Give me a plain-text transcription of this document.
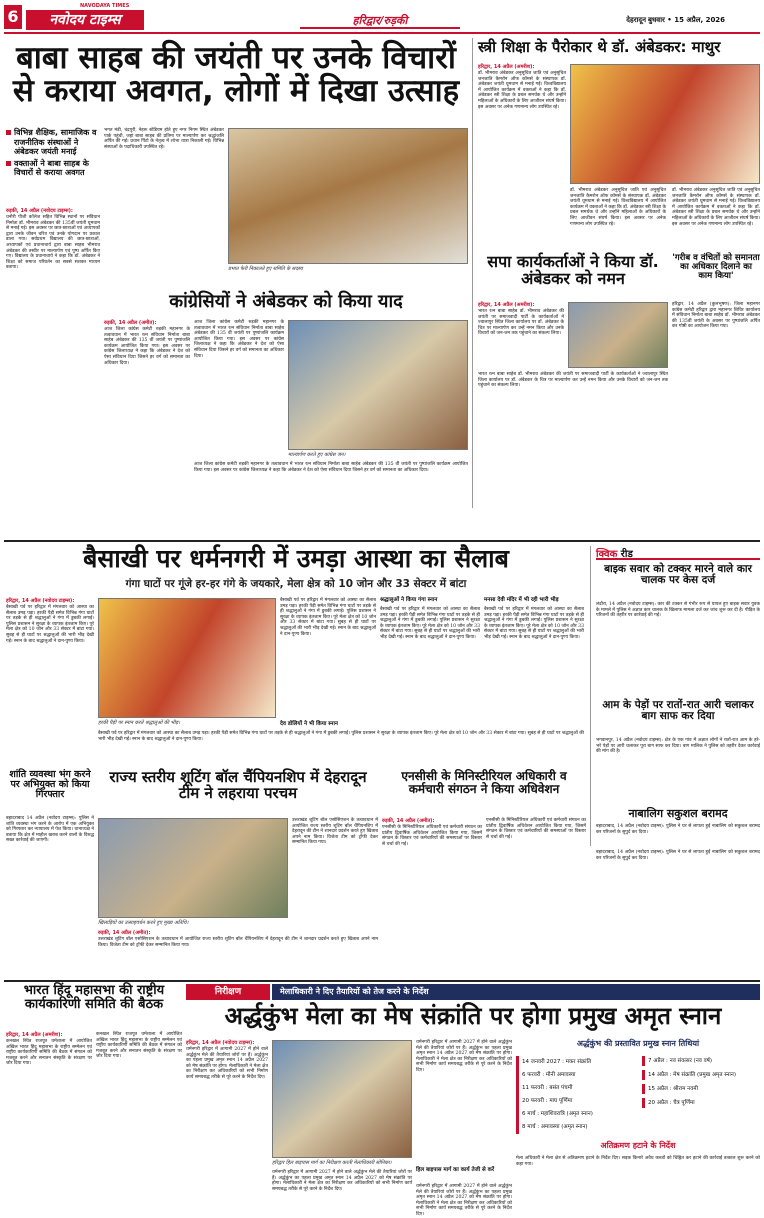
6
NAVODAYA TIMES
नवोदय टाइम्स	हरिद्वार/रुड़की	देहरादून बुधवार • 15 अप्रैल, 2026
बाबा साहब की जयंती पर उनके विचारों से कराया अवगत, लोगों में दिखा उत्साह
विभिन्न शैक्षिक, सामाजिक व राजनीतिक संस्थाओं ने अंबेडकर जयंती मनाई
वक्ताओं ने बाबा साहब के विचारों से कराया अवगत
रुड़की, 14 अप्रैल (नवोदय टाइम्स):
धनौरी पीजी कॉलेज सहित विभिन्न स्थानों पर संविधान निर्माता डॉ. भीमराव अंबेडकर की 135वीं जयंती धूमधाम से मनाई गई। इस अवसर पर छात्र-छात्राओं एवं अध्यापकों द्वारा उनके जीवन चरित्र एवं उनके योगदान पर प्रकाश डाला गया। सर्वप्रथम विद्यालय की छात्र-छात्राओं, अध्यापकों एवं प्रधानाचार्य द्वारा बाबा साहब भीमराव अंबेडकर की तस्वीर पर माल्यार्पण एवं पुष्प अर्पित किए गए। विद्यालय के प्रधानाचार्य ने कहा कि डॉ. अंबेडकर ने शिक्षा को समाज परिवर्तन का सबसे सशक्त माध्यम बताया।
भगत मंडी, चंद्रपुरी, नेहरू स्टेडियम होते हुए नगर निगम स्थित अंबेडकर पार्क पहुंची, जहां बाबा साहब की प्रतिमा पर माल्यार्पण कर श्रद्धांजलि अर्पित की गई। प्रधान पिंटो के नेतृत्व में शोभा यात्रा निकाली गई। विभिन्न संस्थाओं के पदाधिकारी उपस्थित रहे।
प्रभात फेरी निकालते हुए समिति के सदस्य
स्त्री शिक्षा के पैरोकार थे डॉ. अंबेडकर: माथुर
हरिद्वार, 14 अप्रैल (अमरीश):
डॉ. भीमराव अंबेडकर अनुसूचित जाति एवं अनुसूचित जनजाति कैमरोन ऑफ कॉमर्स के संस्थापक डॉ. अंबेडकर जयंती धूमधाम से मनाई गई। विश्वविद्यालय में आयोजित कार्यक्रम में वक्ताओं ने कहा कि डॉ. अंबेडकर स्त्री शिक्षा के प्रबल समर्थक थे और उन्होंने महिलाओं के अधिकारों के लिए आजीवन संघर्ष किया। इस अवसर पर अनेक गणमान्य लोग उपस्थित रहे।
डॉ. भीमराव अंबेडकर अनुसूचित जाति एवं अनुसूचित जनजाति कैमरोन ऑफ कॉमर्स के संस्थापक डॉ. अंबेडकर जयंती धूमधाम से मनाई गई। विश्वविद्यालय में आयोजित कार्यक्रम में वक्ताओं ने कहा कि डॉ. अंबेडकर स्त्री शिक्षा के प्रबल समर्थक थे और उन्होंने महिलाओं के अधिकारों के लिए आजीवन संघर्ष किया। इस अवसर पर अनेक गणमान्य लोग उपस्थित रहे।
डॉ. भीमराव अंबेडकर अनुसूचित जाति एवं अनुसूचित जनजाति कैमरोन ऑफ कॉमर्स के संस्थापक डॉ. अंबेडकर जयंती धूमधाम से मनाई गई। विश्वविद्यालय में आयोजित कार्यक्रम में वक्ताओं ने कहा कि डॉ. अंबेडकर स्त्री शिक्षा के प्रबल समर्थक थे और उन्होंने महिलाओं के अधिकारों के लिए आजीवन संघर्ष किया। इस अवसर पर अनेक गणमान्य लोग उपस्थित रहे।
'गरीब व वंचितों को समानता का अधिकार दिलाने का काम किया'
हरिद्वार, 14 अप्रैल (कुलभूषण): जिला महानगर कांग्रेस कमेटी हरिद्वार द्वारा महानगर शिविर कार्यालय में संविधान निर्माता बाबा साहेब डॉ. भीमराव अंबेडकर की 135वीं जयंती के अवसर पर पुष्पांजलि अर्पित कर गोष्ठी का आयोजन किया गया।
कांग्रेसियों ने अंबेडकर को किया याद
रुड़की, 14 अप्रैल (अमीत):
आज जिला कांग्रेस कमेटी रुड़की महानगर के तत्वावधान में भारत रत्न संविधान निर्माता बाबा साहेब अंबेडकर की 135 वीं जयंती पर पुष्पांजलि कार्यक्रम आयोजित किया गया। इस अवसर पर कांग्रेस जिलाध्यक्ष ने कहा कि अंबेडकर ने देश को ऐसा संविधान दिया जिसने हर वर्ग को समानता का अधिकार दिया।
आज जिला कांग्रेस कमेटी रुड़की महानगर के तत्वावधान में भारत रत्न संविधान निर्माता बाबा साहेब अंबेडकर की 135 वीं जयंती पर पुष्पांजलि कार्यक्रम आयोजित किया गया। इस अवसर पर कांग्रेस जिलाध्यक्ष ने कहा कि अंबेडकर ने देश को ऐसा संविधान दिया जिसने हर वर्ग को समानता का अधिकार दिया।
माल्यार्पण करते हुए कांग्रेस जन।
आज जिला कांग्रेस कमेटी रुड़की महानगर के तत्वावधान में भारत रत्न संविधान निर्माता बाबा साहेब अंबेडकर की 135 वीं जयंती पर पुष्पांजलि कार्यक्रम आयोजित किया गया। इस अवसर पर कांग्रेस जिलाध्यक्ष ने कहा कि अंबेडकर ने देश को ऐसा संविधान दिया जिसने हर वर्ग को समानता का अधिकार दिया।
सपा कार्यकर्ताओं ने किया डॉ. अंबेडकर को नमन
हरिद्वार, 14 अप्रैल (अमरीश):
भारत रत्न बाबा साहेब डॉ. भीमराव अंबेडकर की जयंती पर समाजवादी पार्टी के कार्यकर्ताओं ने ज्वालापुर स्थित जिला कार्यालय पर डॉ. अंबेडकर के चित्र पर माल्यार्पण कर उन्हें नमन किया और उनके विचारों को जन-जन तक पहुंचाने का संकल्प लिया।
भारत रत्न बाबा साहेब डॉ. भीमराव अंबेडकर की जयंती पर समाजवादी पार्टी के कार्यकर्ताओं ने ज्वालापुर स्थित जिला कार्यालय पर डॉ. अंबेडकर के चित्र पर माल्यार्पण कर उन्हें नमन किया और उनके विचारों को जन-जन तक पहुंचाने का संकल्प लिया।
बैसाखी पर धर्मनगरी में उमड़ा आस्था का सैलाब
गंगा घाटों पर गूंजे हर-हर गंगे के जयकारे, मेला क्षेत्र को 10 जोन और 33 सेक्टर में बांटा
हरिद्वार, 14 अप्रैल (नवोदय टाइम्स):
बैसाखी पर्व पर हरिद्वार में मंगलवार को आस्था का सैलाब उमड़ पड़ा। हरकी पैड़ी समेत विभिन्न गंगा घाटों पर तड़के से ही श्रद्धालुओं ने गंगा में डुबकी लगाई। पुलिस प्रशासन ने सुरक्षा के व्यापक इंतजाम किए। पूरे मेला क्षेत्र को 10 जोन और 33 सेक्टर में बांटा गया। सुबह से ही घाटों पर श्रद्धालुओं की भारी भीड़ देखी गई। स्नान के बाद श्रद्धालुओं ने दान-पुण्य किया।
हरकी पैड़ी पर स्नान करते श्रद्धालुओं की भीड़।
बैसाखी पर्व पर हरिद्वार में मंगलवार को आस्था का सैलाब उमड़ पड़ा। हरकी पैड़ी समेत विभिन्न गंगा घाटों पर तड़के से ही श्रद्धालुओं ने गंगा में डुबकी लगाई। पुलिस प्रशासन ने सुरक्षा के व्यापक इंतजाम किए। पूरे मेला क्षेत्र को 10 जोन और 33 सेक्टर में बांटा गया। सुबह से ही घाटों पर श्रद्धालुओं की भारी भीड़ देखी गई। स्नान के बाद श्रद्धालुओं ने दान-पुण्य किया।
श्रद्धालुओं ने किया गंगा स्नान
बैसाखी पर्व पर हरिद्वार में मंगलवार को आस्था का सैलाब उमड़ पड़ा। हरकी पैड़ी समेत विभिन्न गंगा घाटों पर तड़के से ही श्रद्धालुओं ने गंगा में डुबकी लगाई। पुलिस प्रशासन ने सुरक्षा के व्यापक इंतजाम किए। पूरे मेला क्षेत्र को 10 जोन और 33 सेक्टर में बांटा गया। सुबह से ही घाटों पर श्रद्धालुओं की भारी भीड़ देखी गई। स्नान के बाद श्रद्धालुओं ने दान-पुण्य किया।
मनसा देवी मंदिर में भी रही भारी भीड़
बैसाखी पर्व पर हरिद्वार में मंगलवार को आस्था का सैलाब उमड़ पड़ा। हरकी पैड़ी समेत विभिन्न गंगा घाटों पर तड़के से ही श्रद्धालुओं ने गंगा में डुबकी लगाई। पुलिस प्रशासन ने सुरक्षा के व्यापक इंतजाम किए। पूरे मेला क्षेत्र को 10 जोन और 33 सेक्टर में बांटा गया। सुबह से ही घाटों पर श्रद्धालुओं की भारी भीड़ देखी गई। स्नान के बाद श्रद्धालुओं ने दान-पुण्य किया।
देव डोलियों ने भी किया स्नान
बैसाखी पर्व पर हरिद्वार में मंगलवार को आस्था का सैलाब उमड़ पड़ा। हरकी पैड़ी समेत विभिन्न गंगा घाटों पर तड़के से ही श्रद्धालुओं ने गंगा में डुबकी लगाई। पुलिस प्रशासन ने सुरक्षा के व्यापक इंतजाम किए। पूरे मेला क्षेत्र को 10 जोन और 33 सेक्टर में बांटा गया। सुबह से ही घाटों पर श्रद्धालुओं की भारी भीड़ देखी गई। स्नान के बाद श्रद्धालुओं ने दान-पुण्य किया।
क्विक रीड
बाइक सवार को टक्कर मारने वाले कार चालक पर केस दर्ज
लंढौरा, 14 अप्रैल (नवोदय टाइम्स): कार की टक्कर से गंभीर रूप से घायल हुए बाइक सवार युवक के मामले में पुलिस ने अज्ञात कार चालक के खिलाफ मामला दर्ज कर जांच शुरू कर दी है। पीड़ित के परिजनों की तहरीर पर कार्रवाई की गई।
आम के पेड़ों पर रातों-रात आरी चलाकर बाग साफ कर दिया
भगवानपुर, 14 अप्रैल (नवोदय टाइम्स): क्षेत्र के एक गांव में अज्ञात लोगों ने रातों-रात आम के हरे-भरे पेड़ों पर आरी चलाकर पूरा बाग साफ कर दिया। बाग मालिक ने पुलिस को तहरीर देकर कार्रवाई की मांग की है।
नाबालिग सकुशल बरामद
बहादराबाद, 14 अप्रैल (नवोदय टाइम्स): पुलिस ने घर से लापता हुई नाबालिग को सकुशल बरामद कर परिजनों के सुपुर्द कर दिया।
शांति व्यवस्था भंग करने पर अभियुक्त को किया गिरफ्तार
बहादराबाद 14 अप्रैल (नवोदय टाइम्स): पुलिस ने शांति व्यवस्था भंग करने के आरोप में एक अभियुक्त को गिरफ्तार कर न्यायालय में पेश किया। थानाध्यक्ष ने बताया कि क्षेत्र में माहौल खराब करने वालों के विरुद्ध सख्त कार्रवाई की जाएगी।
राज्य स्तरीय शूटिंग बॉल चैंपियनशिप में देहरादून टीम ने लहराया परचम
खिलाड़ियों का उत्साहवर्धन करते हुए मुख्य अतिथि।
उत्तराखंड शूटिंग बॉल एसोसिएशन के तत्वावधान में आयोजित राज्य स्तरीय शूटिंग बॉल चैंपियनशिप में देहरादून की टीम ने शानदार प्रदर्शन करते हुए खिताब अपने नाम किया। विजेता टीम को ट्रॉफी देकर सम्मानित किया गया।
रुड़की, 14 अप्रैल (अमीत):
उत्तराखंड शूटिंग बॉल एसोसिएशन के तत्वावधान में आयोजित राज्य स्तरीय शूटिंग बॉल चैंपियनशिप में देहरादून की टीम ने शानदार प्रदर्शन करते हुए खिताब अपने नाम किया। विजेता टीम को ट्रॉफी देकर सम्मानित किया गया।
एनसीसी के मिनिस्टीरियल अधिकारी व कर्मचारी संगठन ने किया अधिवेशन
रुड़की, 14 अप्रैल (अमीत):
एनसीसी के मिनिस्टीरियल अधिकारी एवं कर्मचारी संगठन का प्रांतीय द्विवार्षिक अधिवेशन आयोजित किया गया, जिसमें संगठन के विस्तार एवं कर्मचारियों की समस्याओं पर विस्तार से चर्चा की गई।
एनसीसी के मिनिस्टीरियल अधिकारी एवं कर्मचारी संगठन का प्रांतीय द्विवार्षिक अधिवेशन आयोजित किया गया, जिसमें संगठन के विस्तार एवं कर्मचारियों की समस्याओं पर विस्तार से चर्चा की गई।
बहादराबाद, 14 अप्रैल (नवोदय टाइम्स): पुलिस ने घर से लापता हुई नाबालिग को सकुशल बरामद कर परिजनों के सुपुर्द कर दिया।
भारत हिंदू महासभा की राष्ट्रीय कार्यकारिणी समिति की बैठक
हरिद्वार, 14 अप्रैल (अमरीश):
कनखल स्थित राजपूत धर्मशाला में आयोजित अखिल भारत हिंदू महासभा के राष्ट्रीय सम्मेलन एवं राष्ट्रीय कार्यकारिणी समिति की बैठक में संगठन को मजबूत करने और सनातन संस्कृति के संरक्षण पर जोर दिया गया।
कनखल स्थित राजपूत धर्मशाला में आयोजित अखिल भारत हिंदू महासभा के राष्ट्रीय सम्मेलन एवं राष्ट्रीय कार्यकारिणी समिति की बैठक में संगठन को मजबूत करने और सनातन संस्कृति के संरक्षण पर जोर दिया गया।
निरीक्षण	मेलाधिकारी ने दिए तैयारियों को तेज करने के निर्देश
अर्द्धकुंभ मेला का मेष संक्रांति पर होगा प्रमुख अमृत स्नान
हरिद्वार, 14 अप्रैल (नवोदय टाइम्स):
धर्मनगरी हरिद्वार में आगामी 2027 में होने वाले अर्द्धकुंभ मेले की तैयारियां जोरों पर हैं। अर्द्धकुंभ का पहला प्रमुख अमृत स्नान 14 अप्रैल 2027 को मेष संक्रांति पर होगा। मेलाधिकारी ने मेला क्षेत्र का निरीक्षण कर अधिकारियों को सभी निर्माण कार्य समयबद्ध तरीके से पूरे करने के निर्देश दिए।
हरिद्वार हिल बाइपास मार्ग का निरीक्षण करती मेलाधिकारी सोनिका।
धर्मनगरी हरिद्वार में आगामी 2027 में होने वाले अर्द्धकुंभ मेले की तैयारियां जोरों पर हैं। अर्द्धकुंभ का पहला प्रमुख अमृत स्नान 14 अप्रैल 2027 को मेष संक्रांति पर होगा। मेलाधिकारी ने मेला क्षेत्र का निरीक्षण कर अधिकारियों को सभी निर्माण कार्य समयबद्ध तरीके से पूरे करने के निर्देश दिए।
धर्मनगरी हरिद्वार में आगामी 2027 में होने वाले अर्द्धकुंभ मेले की तैयारियां जोरों पर हैं। अर्द्धकुंभ का पहला प्रमुख अमृत स्नान 14 अप्रैल 2027 को मेष संक्रांति पर होगा। मेलाधिकारी ने मेला क्षेत्र का निरीक्षण कर अधिकारियों को सभी निर्माण कार्य समयबद्ध तरीके से पूरे करने के निर्देश दिए।
हिल बाइपास मार्ग का कार्य तेजी से करें
धर्मनगरी हरिद्वार में आगामी 2027 में होने वाले अर्द्धकुंभ मेले की तैयारियां जोरों पर हैं। अर्द्धकुंभ का पहला प्रमुख अमृत स्नान 14 अप्रैल 2027 को मेष संक्रांति पर होगा। मेलाधिकारी ने मेला क्षेत्र का निरीक्षण कर अधिकारियों को सभी निर्माण कार्य समयबद्ध तरीके से पूरे करने के निर्देश दिए।
अर्द्धकुंभ की प्रस्तावित प्रमुख स्नान तिथियां
14 जनवरी 2027 : मकर संक्रांति
6 फरवरी : मौनी अमावस्या
11 फरवरी : बसंत पंचमी
20 फरवरी : माघ पूर्णिमा
6 मार्च : महाशिवरात्रि (अमृत स्नान)
8 मार्च : अमावस्या (अमृत स्नान)
7 अप्रैल : नव संवत्सर (नव वर्ष)
14 अप्रैल : मेष संक्रांति (प्रमुख अमृत स्नान)
15 अप्रैल : श्रीराम नवमी
20 अप्रैल : चैत्र पूर्णिमा
अतिक्रमण हटाने के निर्देश
मेला अधिकारी ने मेला क्षेत्र से अतिक्रमण हटाने के निर्देश दिए। सड़क किनारे अवैध कब्जों को चिह्नित कर हटाने की कार्रवाई तत्काल शुरू करने को कहा गया।
